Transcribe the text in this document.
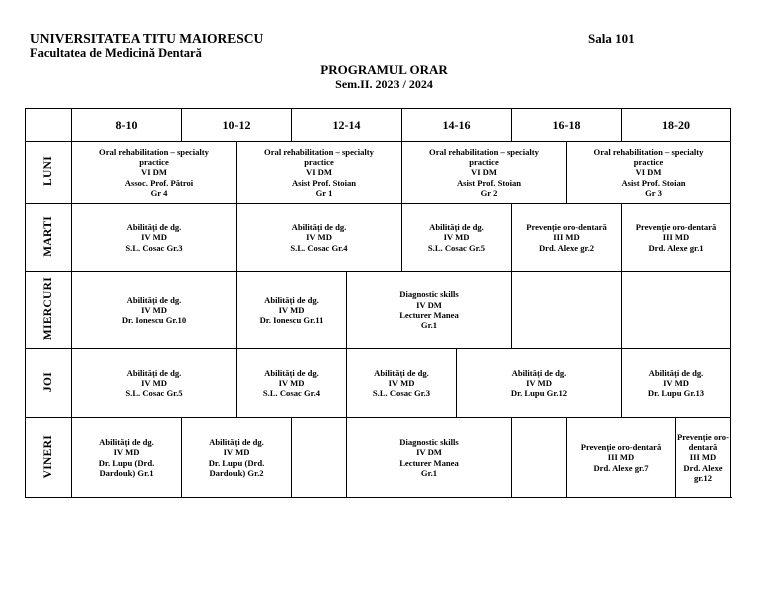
UNIVERSITATEA TITU MAIORESCU
Facultatea de Medicină Dentară
Sala 101
PROGRAMUL ORAR
Sem.II. 2023 / 2024
	8-10	10-12		12-14		14-16		16-18		18-20	
LUNI	Oral rehabilitation – specialty
practice
VI DM
Assoc. Prof. Pătroi
Gr 4		Oral rehabilitation – specialty
practice
VI DM
Asist Prof. Stoian
Gr 1			Oral rehabilitation – specialty
practice
VI DM
Asist Prof. Stoian
Gr 2			Oral rehabilitation – specialty
practice
VI DM
Asist Prof. Stoian
Gr 3		

MARTI	Abilități de dg.
IV MD
S.L. Cosac Gr.3		Abilități de dg.
IV MD
S.L. Cosac Gr.4			Abilități de dg.
IV MD
S.L. Cosac Gr.5		Prevenție oro-dentară
III MD
Drd. Alexe gr.2		Prevenție oro-dentară
III MD
Drd. Alexe gr.1	

MIERCURI	Abilități de dg.
IV MD
Dr. Ionescu Gr.10		Abilități de dg.
IV MD
Dr. Ionescu Gr.11		Diagnostic skills
IV DM
Lecturer Manea
Gr.1						

JOI	Abilități de dg.
IV MD
S.L. Cosac Gr.5		Abilități de dg.
IV MD
S.L. Cosac Gr.4		Abilități de dg.
IV MD
S.L. Cosac Gr.3		Abilități de dg.
IV MD
Dr. Lupu Gr.12			Abilități de dg.
IV MD
Dr. Lupu Gr.13	

VINERI	Abilități de dg.
IV MD
Dr. Lupu (Drd.
Dardouk) Gr.1	Abilități de dg.
IV MD
Dr. Lupu (Drd.
Dardouk) Gr.2			Diagnostic skills
IV DM
Lecturer Manea
Gr.1				Prevenție oro-dentară
III MD
Drd. Alexe gr.7		Prevenție oro-dentară
III MD
Drd. Alexe gr.12
